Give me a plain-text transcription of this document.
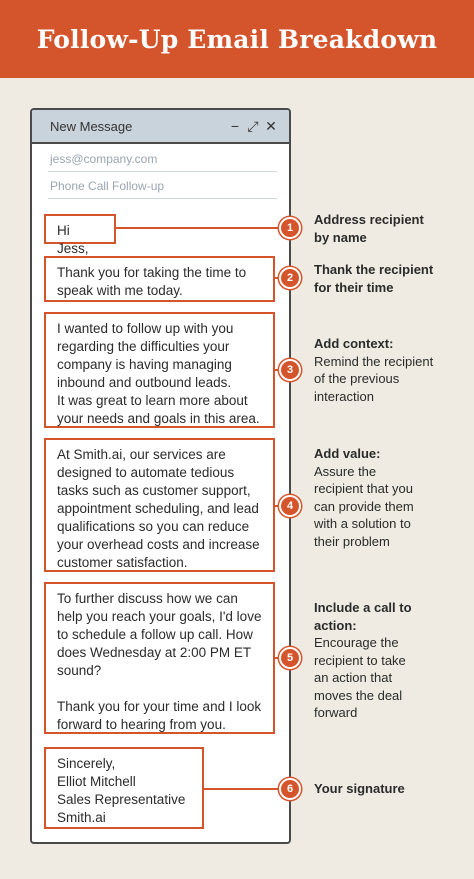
Follow-Up Email Breakdown
New Message	− ⤢ ✕
jess@company.com
Phone Call Follow-up
Hi Jess,
Thank you for taking the time to speak with me today.
I wanted to follow up with you regarding the difficulties your company is having managing inbound and outbound leads.
It was great to learn more about your needs and goals in this area.
At Smith.ai, our services are designed to automate tedious tasks such as customer support, appointment scheduling, and lead qualifications so you can reduce your overhead costs and increase customer satisfaction.
To further discuss how we can help you reach your goals, I'd love to schedule a follow up call. How does Wednesday at 2:00 PM ET sound?

Thank you for your time and I look forward to hearing from you.
Sincerely,
Elliot Mitchell
Sales Representative
Smith.ai
1
2
3
4
5
6
Address recipient by name
Thank the recipient for their time
Add context:
Remind the recipient of the previous interaction
Add value:
Assure the recipient that you can provide them with a solution to their problem
Include a call to action:
Encourage the recipient to take an action that moves the deal forward
Your signature
